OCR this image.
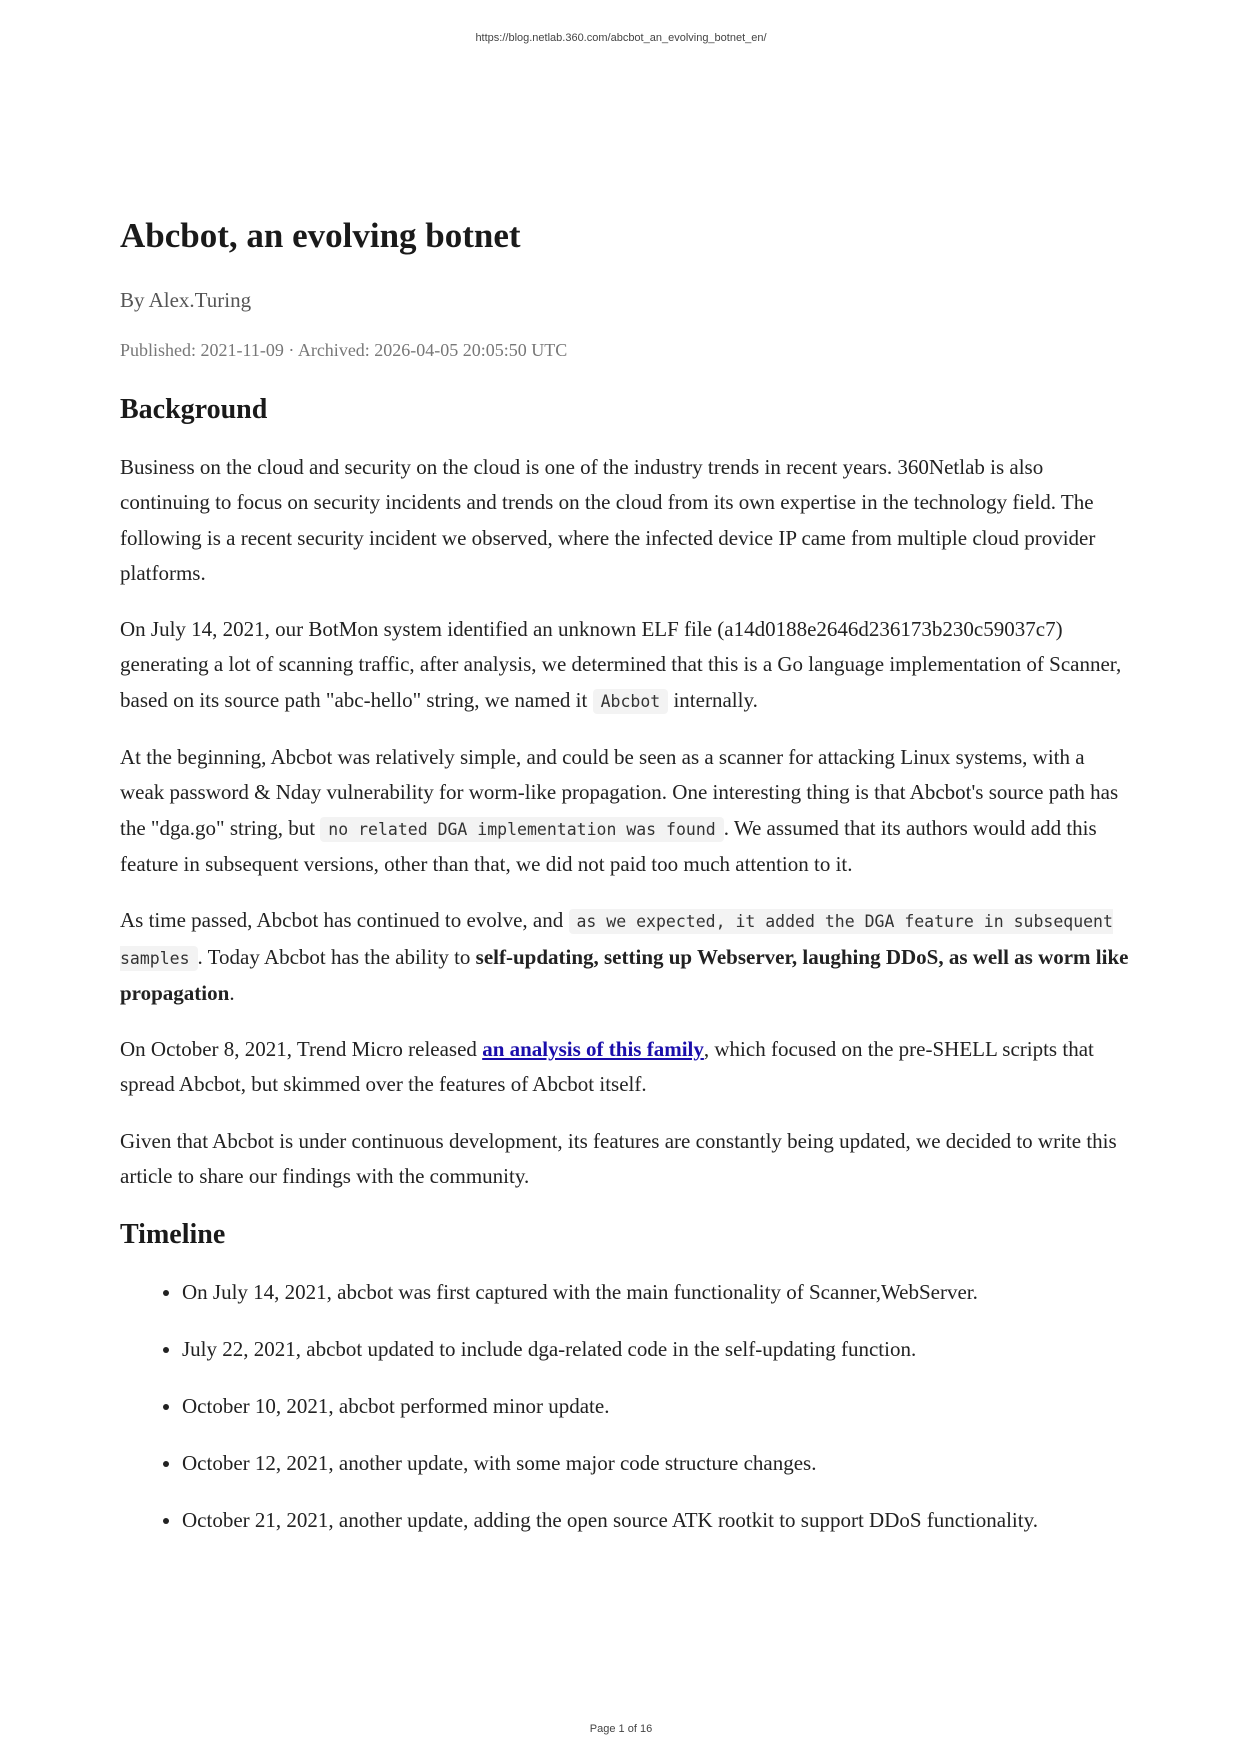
https://blog.netlab.360.com/abcbot_an_evolving_botnet_en/
Abcbot, an evolving botnet
By Alex.Turing
Published: 2021-11-09 · Archived: 2026-04-05 20:05:50 UTC
Background

Business on the cloud and security on the cloud is one of the industry trends in recent years. 360Netlab is also continuing to focus on security incidents and trends on the cloud from its own expertise in the technology field. The following is a recent security incident we observed, where the infected device IP came from multiple cloud provider platforms.

On July 14, 2021, our BotMon system identified an unknown ELF file (a14d0188e2646d236173b230c59037c7) generating a lot of scanning traffic, after analysis, we determined that this is a Go language implementation of Scanner, based on its source path "abc-hello" string, we named it Abcbot internally.

At the beginning, Abcbot was relatively simple, and could be seen as a scanner for attacking Linux systems, with a weak password & Nday vulnerability for worm-like propagation. One interesting thing is that Abcbot's source path has the "dga.go" string, but no related DGA implementation was found . We assumed that its authors would add this feature in subsequent versions, other than that, we did not paid too much attention to it.

As time passed, Abcbot has continued to evolve, and as we expected, it added the DGA feature in subsequent samples . Today Abcbot has the ability to self-updating, setting up Webserver, laughing DDoS, as well as worm like propagation.

On October 8, 2021, Trend Micro released an analysis of this family, which focused on the pre-SHELL scripts that spread Abcbot, but skimmed over the features of Abcbot itself.

Given that Abcbot is under continuous development, its features are constantly being updated, we decided to write this article to share our findings with the community.

Timeline
• On July 14, 2021, abcbot was first captured with the main functionality of Scanner,WebServer.
• July 22, 2021, abcbot updated to include dga-related code in the self-updating function.
• October 10, 2021, abcbot performed minor update.
• October 12, 2021, another update, with some major code structure changes.
• October 21, 2021, another update, adding the open source ATK rootkit to support DDoS functionality.
Page 1 of 16
